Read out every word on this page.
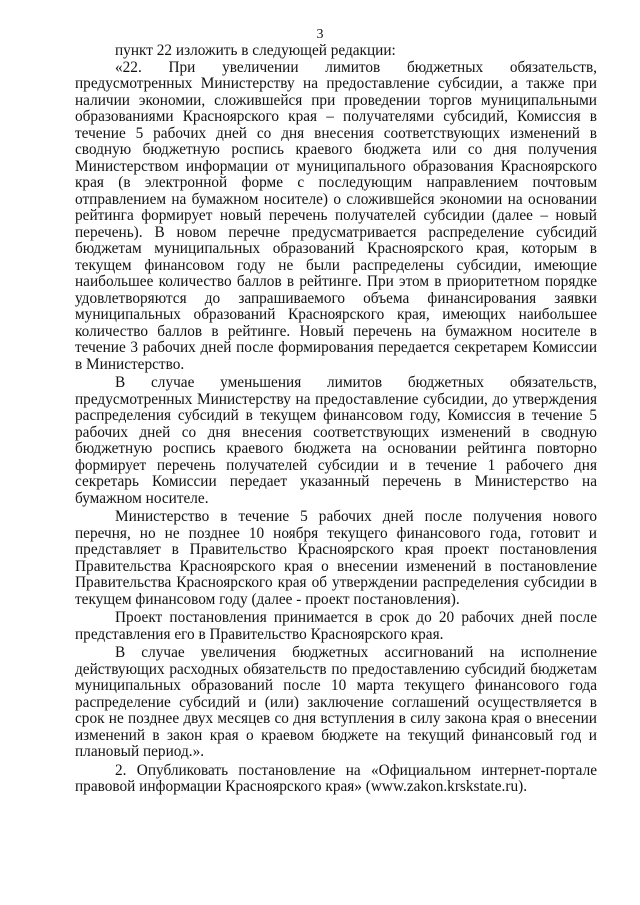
3

пункт 22 изложить в следующей редакции:

«22. При увеличении лимитов бюджетных обязательств, предусмотренных Министерству на предоставление субсидии, а также при наличии экономии, сложившейся при проведении торгов муниципальными образованиями Красноярского края – получателями субсидий, Комиссия в течение 5 рабочих дней со дня внесения соответствующих изменений в сводную бюджетную роспись краевого бюджета или со дня получения Министерством информации от муниципального образования Красноярского края (в электронной форме с последующим направлением почтовым отправлением на бумажном носителе) о сложившейся экономии на основании рейтинга формирует новый перечень получателей субсидии (далее – новый перечень). В новом перечне предусматривается распределение субсидий бюджетам муниципальных образований Красноярского края, которым в текущем финансовом году не были распределены субсидии, имеющие наибольшее количество баллов в рейтинге. При этом в приоритетном порядке удовлетворяются до запрашиваемого объема финансирования заявки муниципальных образований Красноярского края, имеющих наибольшее количество баллов в рейтинге. Новый перечень на бумажном носителе в течение 3 рабочих дней после формирования передается секретарем Комиссии в Министерство.

В случае уменьшения лимитов бюджетных обязательств, предусмотренных Министерству на предоставление субсидии, до утверждения распределения субсидий в текущем финансовом году, Комиссия в течение 5 рабочих дней со дня внесения соответствующих изменений в сводную бюджетную роспись краевого бюджета на основании рейтинга повторно формирует перечень получателей субсидии и в течение 1 рабочего дня секретарь Комиссии передает указанный перечень в Министерство на бумажном носителе.

Министерство в течение 5 рабочих дней после получения нового перечня, но не позднее 10 ноября текущего финансового года, готовит и представляет в Правительство Красноярского края проект постановления Правительства Красноярского края о внесении изменений в постановление Правительства Красноярского края об утверждении распределения субсидии в текущем финансовом году (далее - проект постановления).

Проект постановления принимается в срок до 20 рабочих дней после представления его в Правительство Красноярского края.

В случае увеличения бюджетных ассигнований на исполнение действующих расходных обязательств по предоставлению субсидий бюджетам муниципальных образований после 10 марта текущего финансового года распределение субсидий и (или) заключение соглашений осуществляется в срок не позднее двух месяцев со дня вступления в силу закона края о внесении изменений в закон края о краевом бюджете на текущий финансовый год и плановый период.».

2. Опубликовать постановление на «Официальном интернет-портале правовой информации Красноярского края» (www.zakon.krskstate.ru).
